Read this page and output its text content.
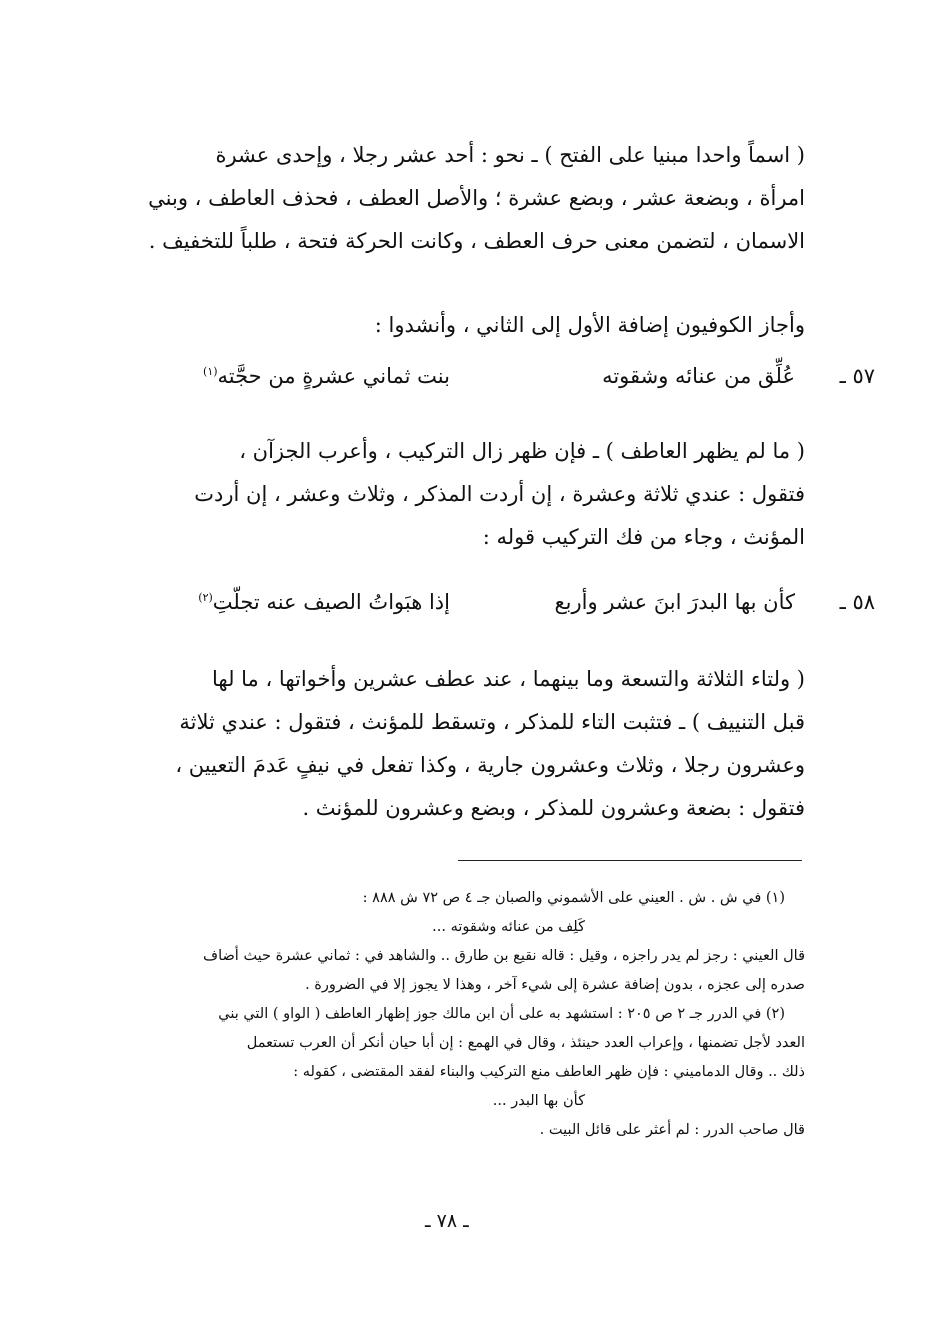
( اسماً واحدا مبنيا على الفتح ) ـ نحو : أحد عشر رجلا ، وإحدى عشرة
امرأة ، وبضعة عشر ، وبضع عشرة ؛ والأصل العطف ، فحذف العاطف ، وبني
الاسمان ، لتضمن معنى حرف العطف ، وكانت الحركة فتحة ، طلباً للتخفيف .
وأجاز الكوفيون إضافة الأول إلى الثاني ، وأنشدوا :
٥٧ ـ
عُلِّق من عنائه وشقوته
بنت ثماني عشرةٍ من حجَّته$^{(١)}$
( ما لم يظهر العاطف ) ـ فإن ظهر زال التركيب ، وأعرب الجزآن ،
فتقول : عندي ثلاثة وعشرة ، إن أردت المذكر ، وثلاث وعشر ، إن أردت
المؤنث ، وجاء من فك التركيب قوله :
٥٨ ـ
كأن بها البدرَ ابنَ عشر وأربع
إذا هبَواتُ الصيف عنه تجلّتِ$^{(٢)}$
( ولتاء الثلاثة والتسعة وما بينهما ، عند عطف عشرين وأخواتها ، ما لها
قبل التنييف ) ـ فتثبت التاء للمذكر ، وتسقط للمؤنث ، فتقول : عندي ثلاثة
وعشرون رجلا ، وثلاث وعشرون جارية ، وكذا تفعل في نيفٍ عَدمَ التعيين ،
فتقول : بضعة وعشرون للمذكر ، وبضع وعشرون للمؤنث .
(١) في ش . ش . العيني على الأشموني والصبان جـ ٤ ص ٧٢ ش ٨٨٨ :
كَلِف من عنائه وشقوته ...
قال العيني : رجز لم يدر راجزه ، وقيل : قاله نقيع بن طارق .. والشاهد في : ثماني عشرة حيث أضاف
صدره إلى عجزه ، بدون إضافة عشرة إلى شيء آخر ، وهذا لا يجوز إلا في الضرورة .
(٢) في الدرر جـ ٢ ص ٢٠٥ : استشهد به على أن ابن مالك جوز إظهار العاطف ( الواو ) التي بني
العدد لأجل تضمنها ، وإعراب العدد حينئذ ، وقال في الهمع : إن أبا حيان أنكر أن العرب تستعمل
ذلك .. وقال الدماميني : فإن ظهر العاطف منع التركيب والبناء لفقد المقتضى ، كقوله :
كأن بها البدر ...
قال صاحب الدرر : لم أعثر على قائل البيت .
ـ ٧٨ ـ
